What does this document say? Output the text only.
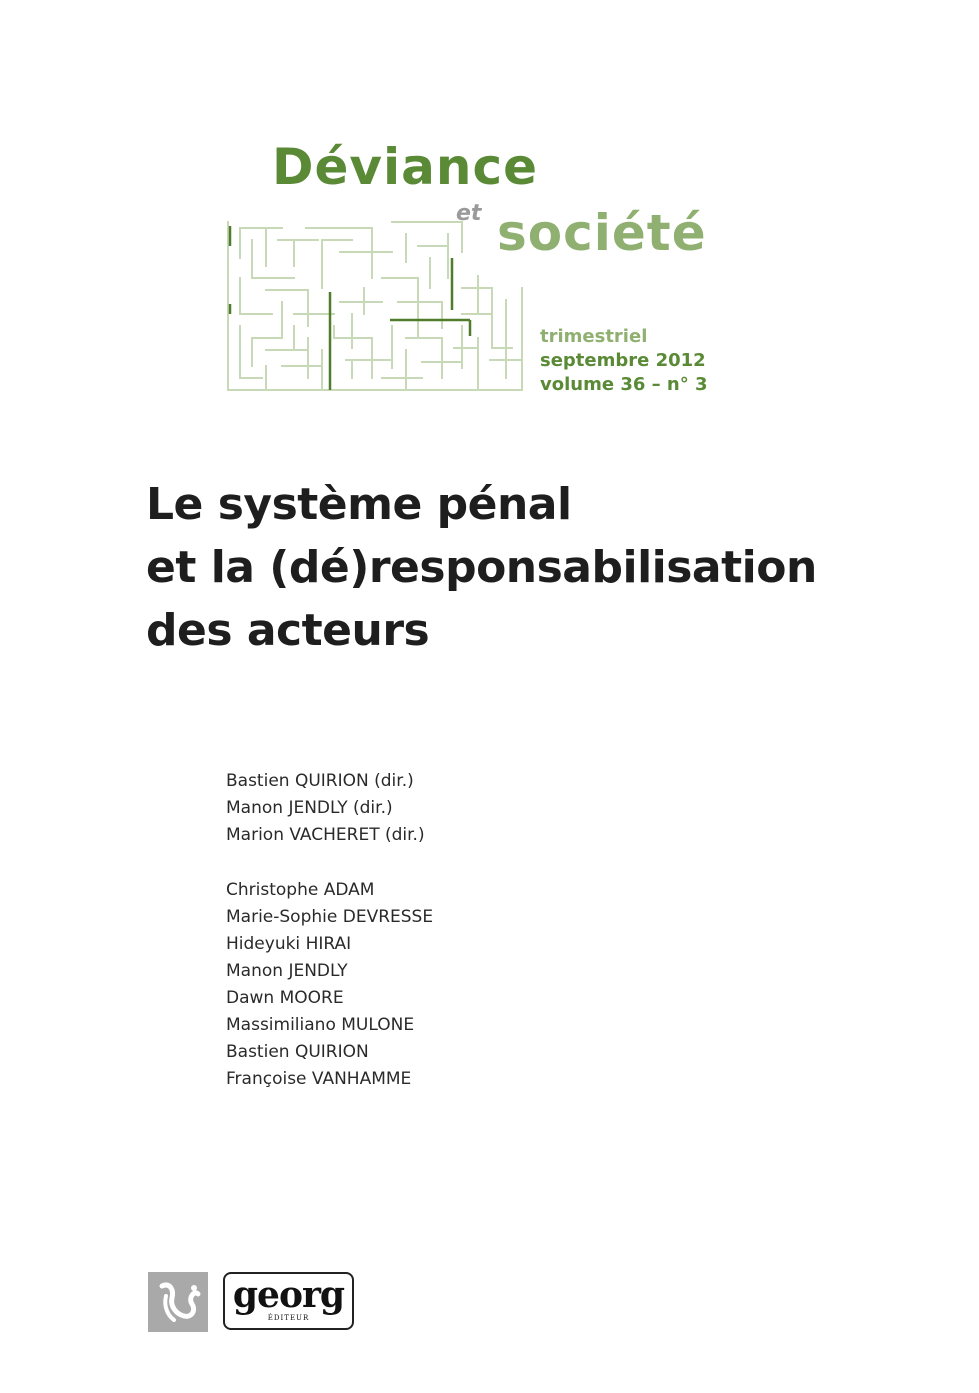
Déviance
et société
trimestriel
septembre 2012
volume 36 – n° 3
Le système pénal
et la (dé)responsabilisation
des acteurs
Bastien QUIRION (dir.)
Manon JENDLY (dir.)
Marion VACHERET (dir.)
Christophe ADAM
Marie-Sophie DEVRESSE
Hideyuki HIRAI
Manon JENDLY
Dawn MOORE
Massimiliano MULONE
Bastien QUIRION
Françoise VANHAMME
georg
ÉDITEUR
